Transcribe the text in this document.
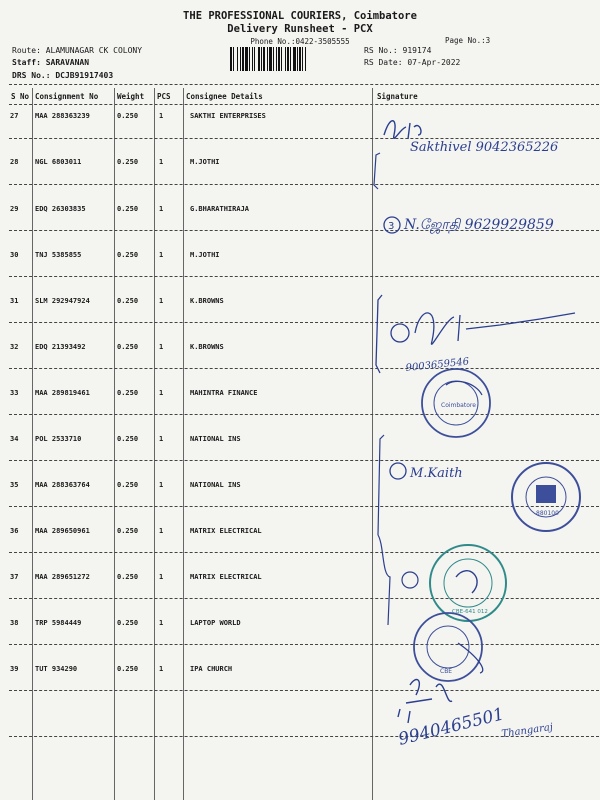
THE PROFESSIONAL COURIERS, Coimbatore
Delivery Runsheet - PCX
Phone No.:0422-3505555	Page No.:3
Route: ALAMUNAGAR CK COLONY
Staff: SARAVANAN
DRS No.: DCJB91917403
RS No.: 919174
RS Date: 07-Apr-2022
S No Consignment No	Weight PCS Consignee Details	Signature
27 MAA 288363239	0.250	1	SAKTHI ENTERPRISES
28 NGL 6803011	0.250	1	M.JOTHI
29 EDQ 26303835	0.250	1	G.BHARATHIRAJA
30 TNJ 5385855	0.250	1	M.JOTHI
31 SLM 292947924	0.250	1	K.BROWNS
32 EDQ 21393492	0.250	1	K.BROWNS
33 MAA 289819461	0.250	1	MAHINTRA FINANCE
34 POL 2533710	0.250	1	NATIONAL INS
35 MAA 288363764	0.250	1	NATIONAL INS
36 MAA 289650961	0.250	1	MATRIX ELECTRICAL
37 MAA 289651272	0.250	1	MATRIX ELECTRICAL
38 TRP 5984449	0.250	1	LAPTOP WORLD
39 TUT 934290	0.250	1	IPA CHURCH
Sakthivel 9042365226
3 N.ஜோதி 9629929859
9003659546
Coimbatore
M.Kaith
880100
CBE-641 012
CBE
9940465501
Thangaraj
